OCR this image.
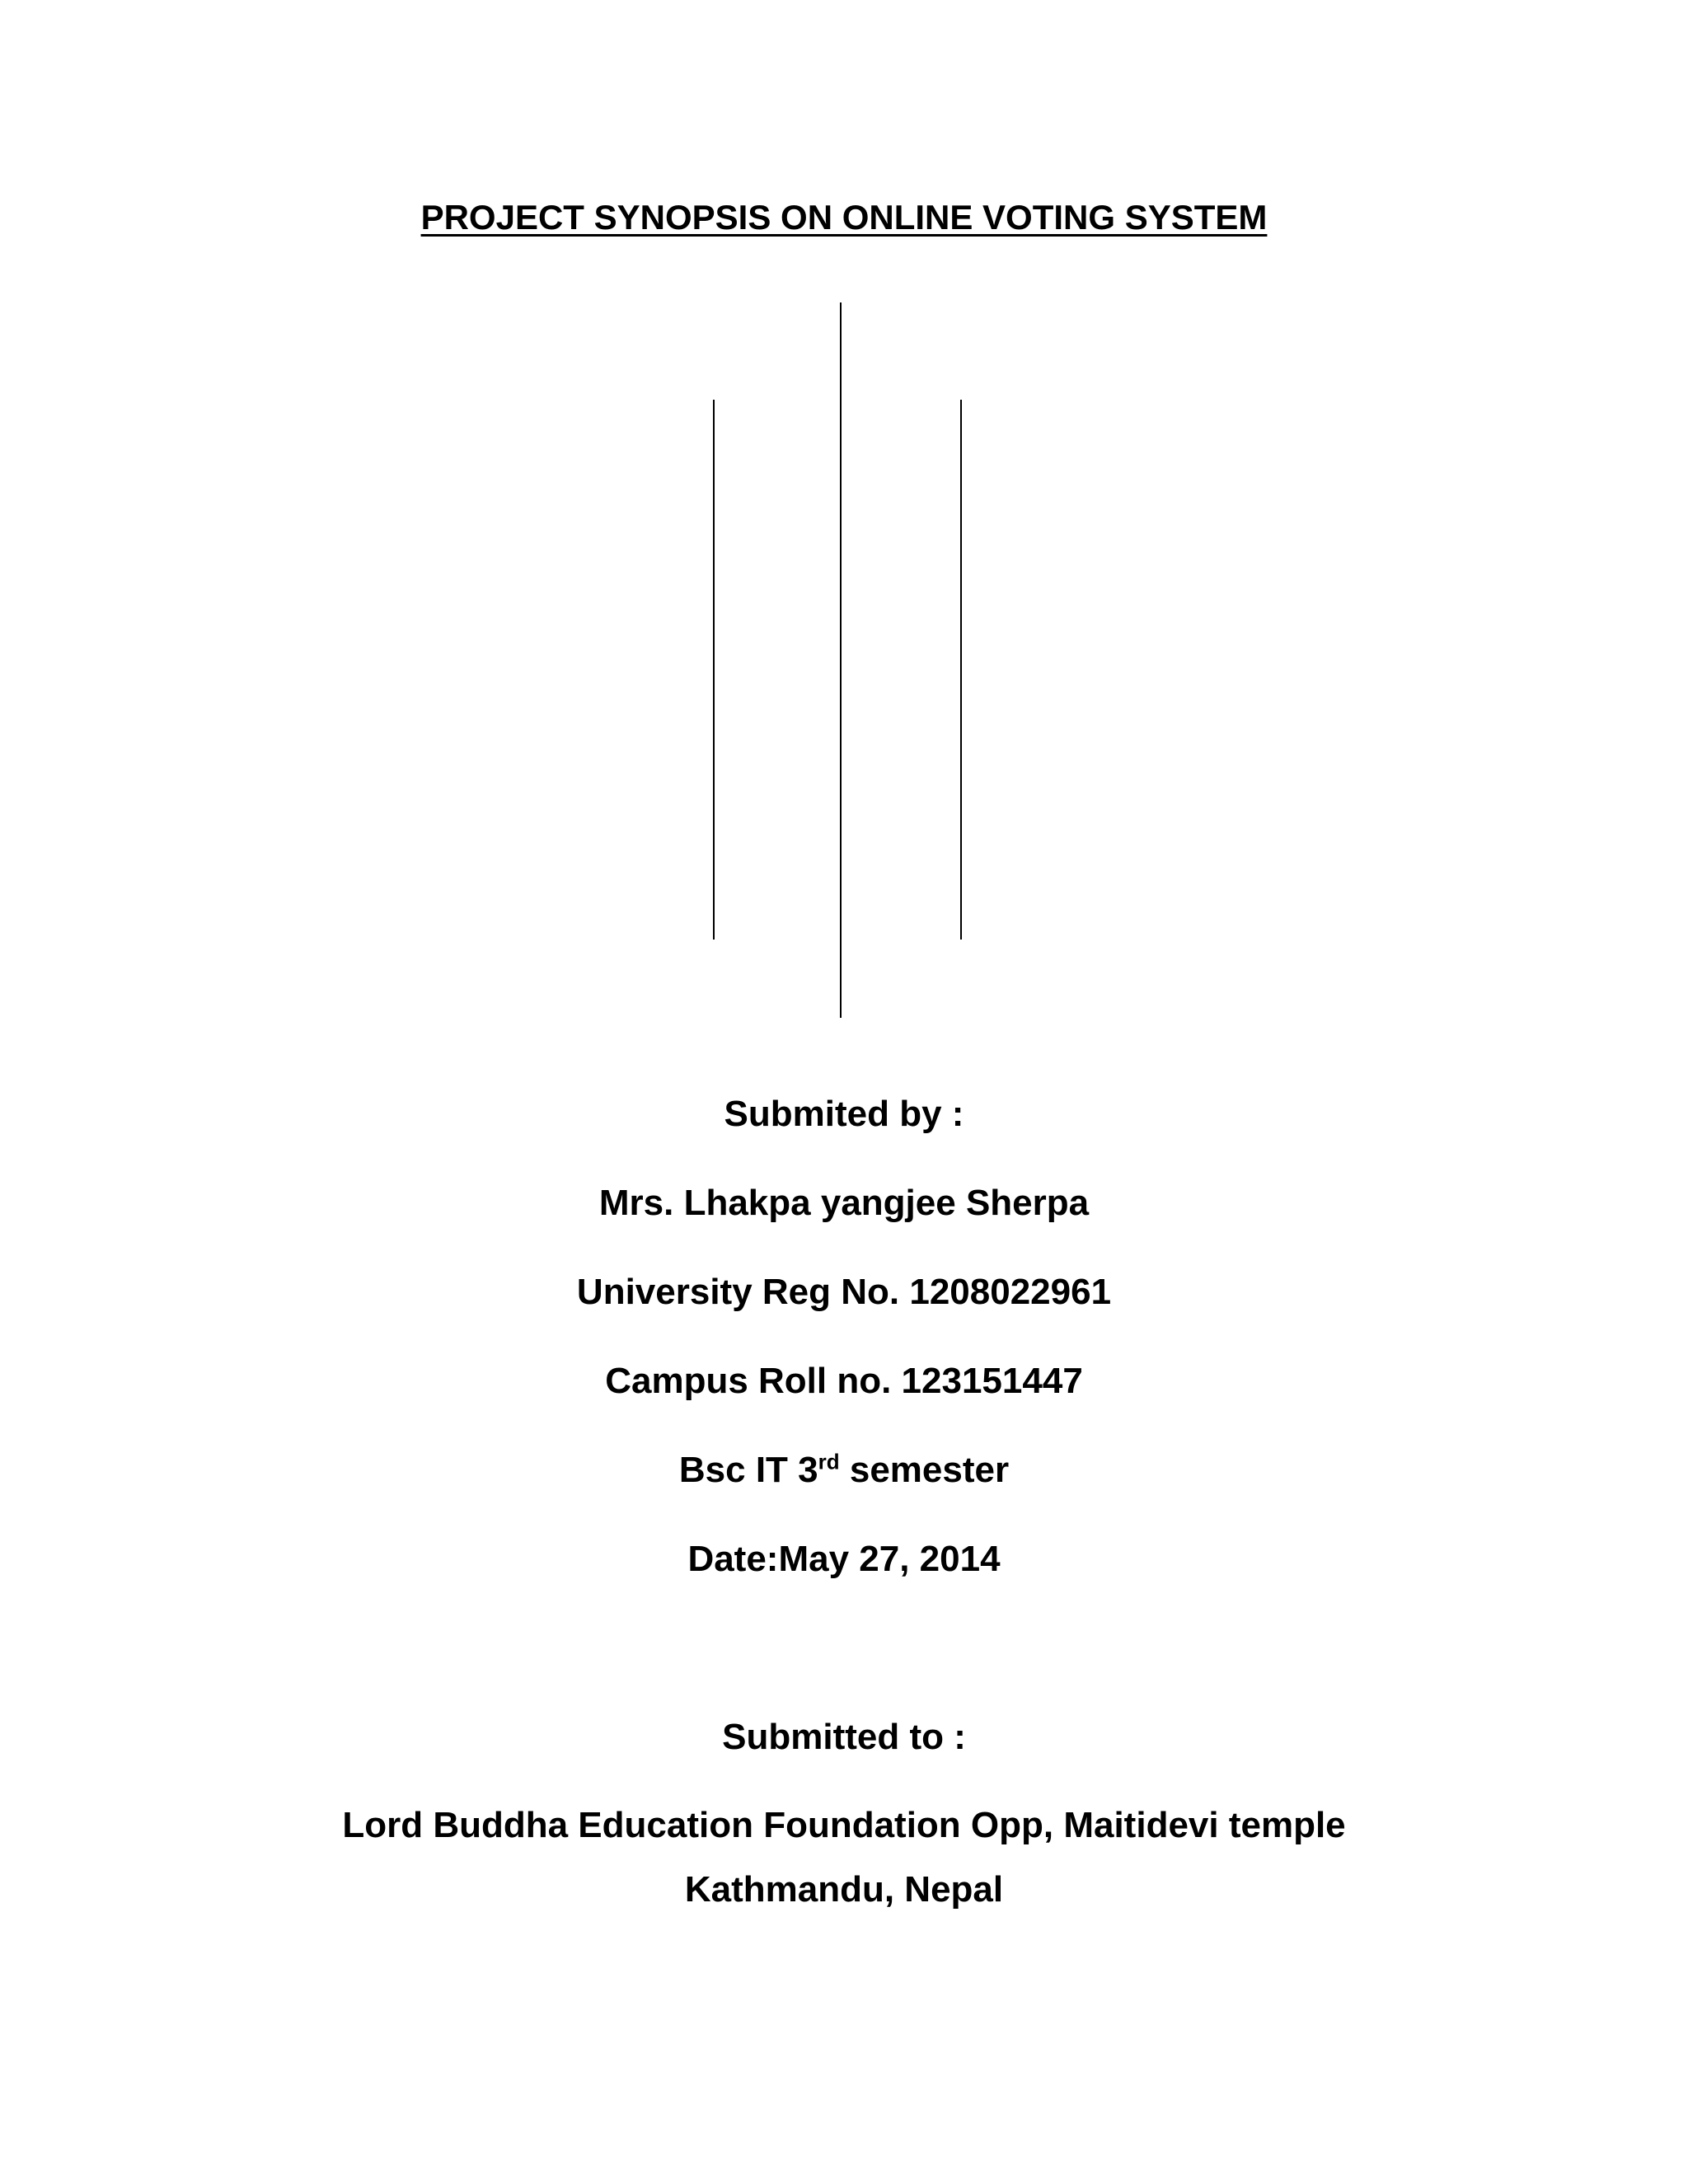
PROJECT SYNOPSIS ON ONLINE VOTING SYSTEM
Submited by :
Mrs. Lhakpa yangjee Sherpa
University Reg No. 1208022961
Campus Roll no. 123151447
Bsc IT 3rd semester
Date:May 27, 2014
Submitted to :
Lord Buddha Education Foundation Opp, Maitidevi temple
Kathmandu, Nepal
